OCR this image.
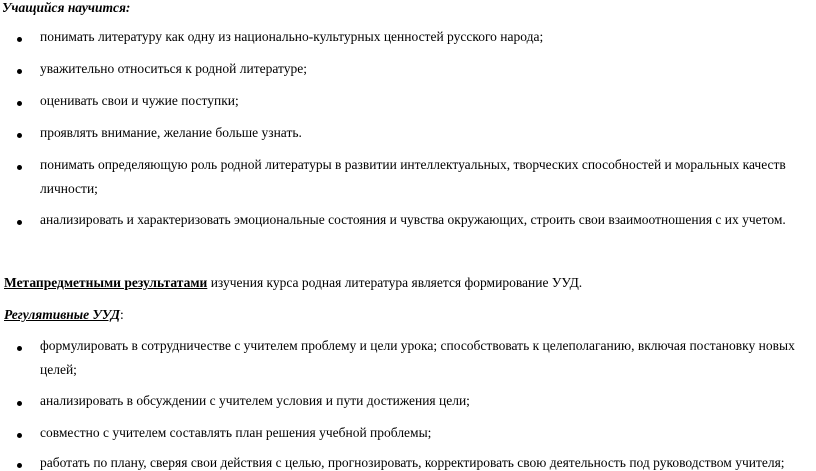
Учащийся научится:
понимать литературу как одну из национально-культурных ценностей русского народа;
уважительно относиться к родной литературе;
оценивать свои и чужие поступки;
проявлять внимание, желание больше узнать.
понимать определяющую роль родной литературы в развитии интеллектуальных, творческих способностей и моральных качеств
личности;
анализировать и характеризовать эмоциональные состояния и чувства окружающих, строить свои взаимоотношения с их учетом.
Метапредметными результатами изучения курса родная литература является формирование УУД.
Регулятивные УУД:
формулировать в сотрудничестве с учителем проблему и цели урока; способствовать к целеполаганию, включая постановку новых
целей;
анализировать в обсуждении с учителем условия и пути достижения цели;
совместно с учителем составлять план решения учебной проблемы;
работать по плану, сверяя свои действия с целью, прогнозировать, корректировать свою деятельность под руководством учителя;
